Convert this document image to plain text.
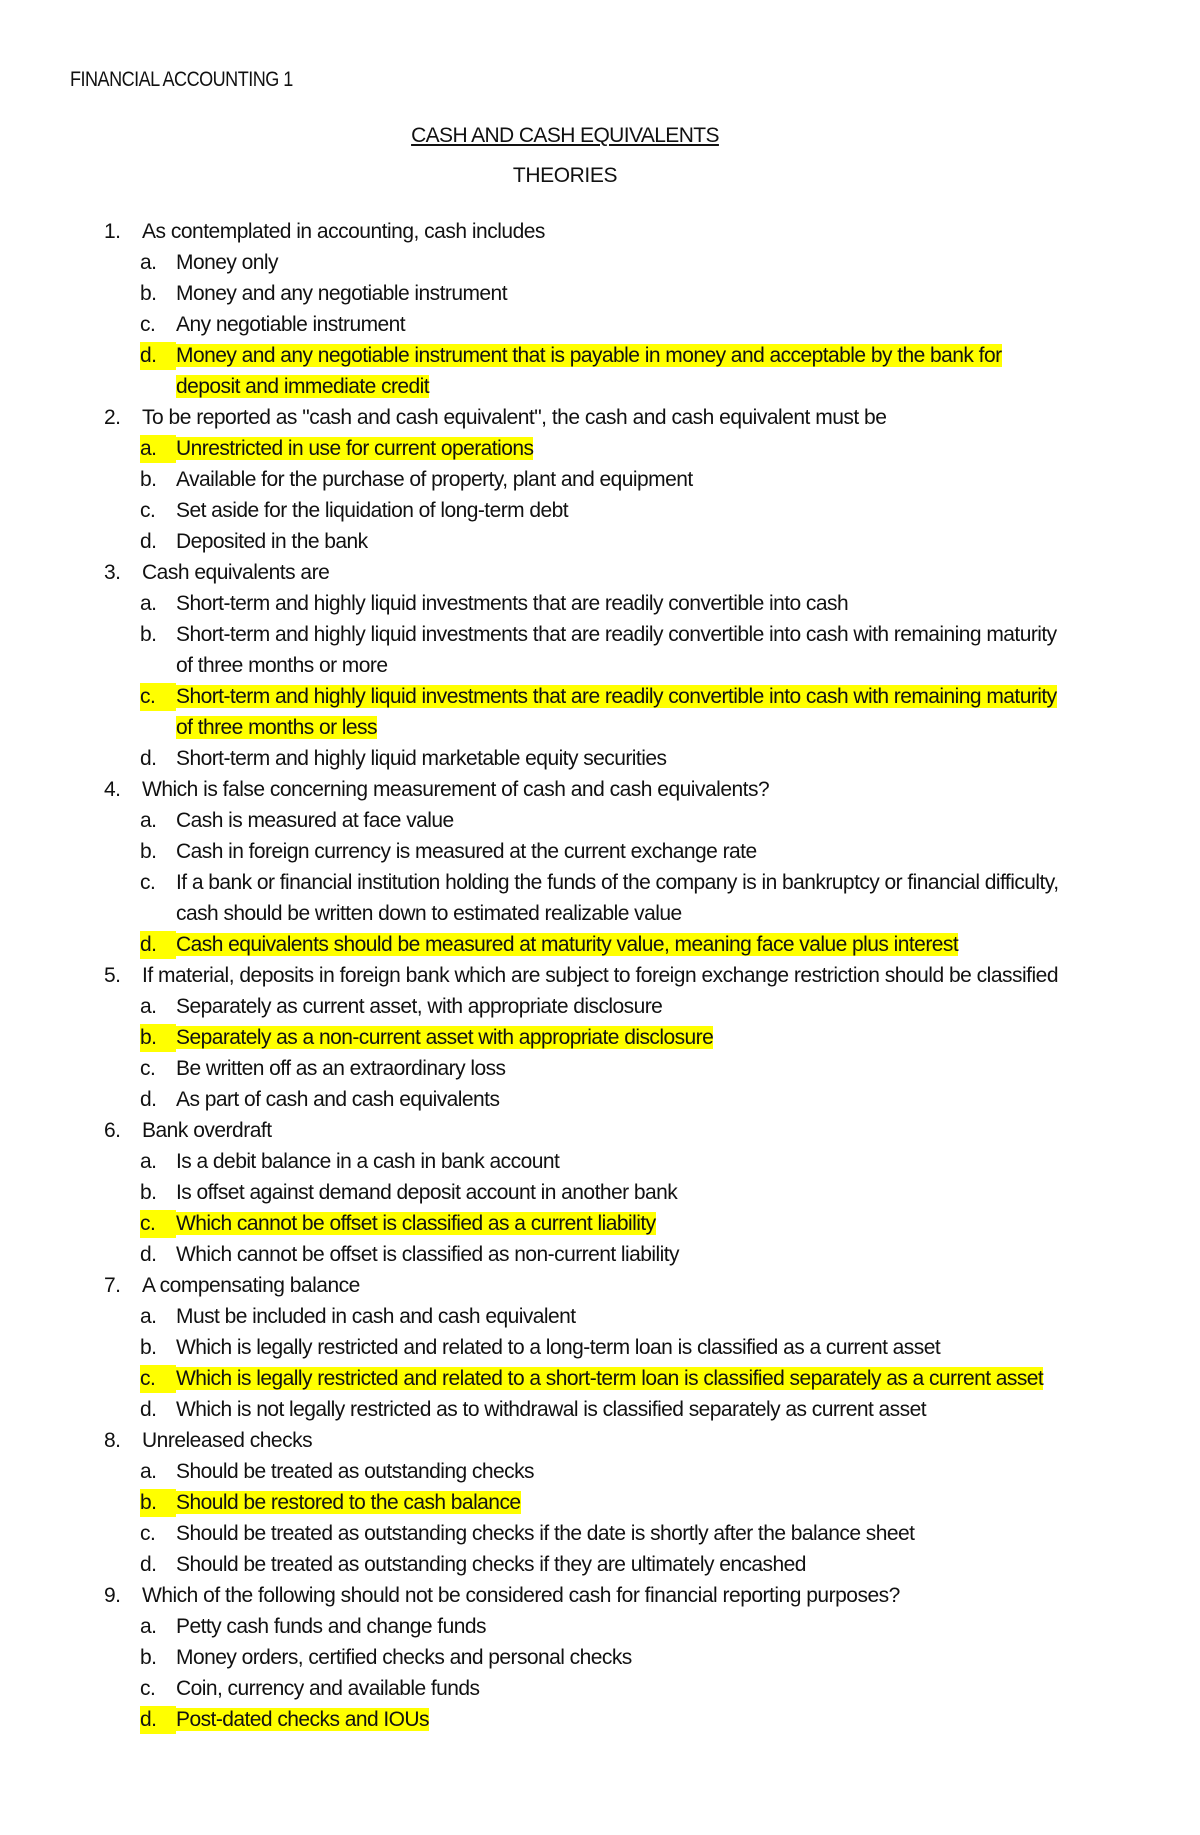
FINANCIAL ACCOUNTING 1
CASH AND CASH EQUIVALENTS
THEORIES
1.	As contemplated in accounting, cash includes
a. Money only
b. Money and any negotiable instrument
c. Any negotiable instrument
d. Money and any negotiable instrument that is payable in money and acceptable by the bank for deposit and immediate credit
2.	To be reported as "cash and cash equivalent", the cash and cash equivalent must be
a. Unrestricted in use for current operations
b. Available for the purchase of property, plant and equipment
c. Set aside for the liquidation of long-term debt
d. Deposited in the bank
3.	Cash equivalents are
a. Short-term and highly liquid investments that are readily convertible into cash
b. Short-term and highly liquid investments that are readily convertible into cash with remaining maturity of three months or more
c. Short-term and highly liquid investments that are readily convertible into cash with remaining maturity of three months or less
d. Short-term and highly liquid marketable equity securities
4.	Which is false concerning measurement of cash and cash equivalents?
a. Cash is measured at face value
b. Cash in foreign currency is measured at the current exchange rate
c. If a bank or financial institution holding the funds of the company is in bankruptcy or financial difficulty, cash should be written down to estimated realizable value
d. Cash equivalents should be measured at maturity value, meaning face value plus interest
5.	If material, deposits in foreign bank which are subject to foreign exchange restriction should be classified
a. Separately as current asset, with appropriate disclosure
b. Separately as a non-current asset with appropriate disclosure
c. Be written off as an extraordinary loss
d. As part of cash and cash equivalents
6.	Bank overdraft
a. Is a debit balance in a cash in bank account
b. Is offset against demand deposit account in another bank
c. Which cannot be offset is classified as a current liability
d. Which cannot be offset is classified as non-current liability
7.	A compensating balance
a. Must be included in cash and cash equivalent
b. Which is legally restricted and related to a long-term loan is classified as a current asset
c. Which is legally restricted and related to a short-term loan is classified separately as a current asset
d. Which is not legally restricted as to withdrawal is classified separately as current asset
8.	Unreleased checks
a. Should be treated as outstanding checks
b. Should be restored to the cash balance
c. Should be treated as outstanding checks if the date is shortly after the balance sheet
d. Should be treated as outstanding checks if they are ultimately encashed
9.	Which of the following should not be considered cash for financial reporting purposes?
a. Petty cash funds and change funds
b. Money orders, certified checks and personal checks
c. Coin, currency and available funds
d. Post-dated checks and IOUs
